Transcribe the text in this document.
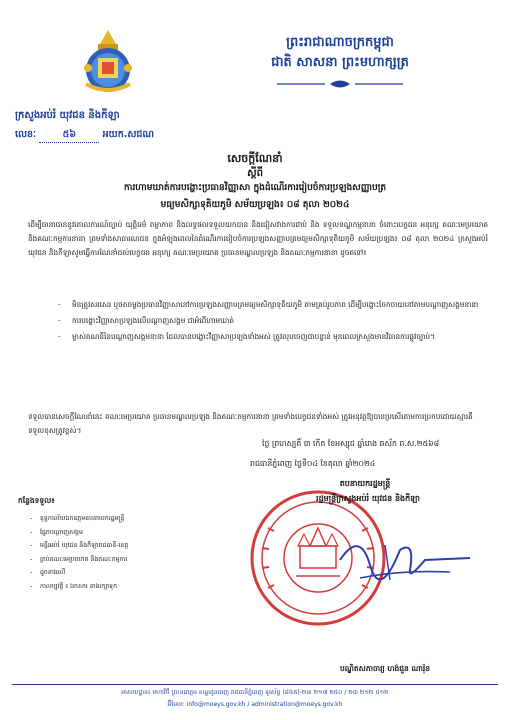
ព្រះរាជាណាចក្រកម្ពុជា
ជាតិ សាសនា ព្រះមហាក្សត្រ
ក្រសួងអប់រំ យុវជន និងកីឡា
លេខៈ	៥៦	អយក.សជណ
សេចក្តីណែនាំ
ស្តីពី
ការហាមឃាត់ការបង្ហោះប្រធានវិញ្ញាសា ក្នុងដំណើរការរៀបចំការប្រឡងសញ្ញាបត្រ
មធ្យមសិក្សាទុតិយភូមិ សម័យប្រឡង៖ ០៨ តុលា ២០២៤
ដើម្បីធានាបាននូវគោលការណ៍ច្បាប់ យុត្តិធម៌ តម្លាភាព និងលទ្ធផលទទួលយកបាន និងជៀសវាងការជាប់ និង ទទួលទណ្ឌកម្មនានា ចំពោះបេក្ខជន អនុក្សេ គណៈមេប្រយោគ និងគណៈកម្មការនានា ព្រមទាំងសាធារណជន ក្នុងអំឡុងពេលនៃដំណើរការរៀបចំការប្រឡងសញ្ញាបត្រមធ្យមសិក្សាទុតិយភូមិ សម័យប្រឡង៖ ០៨ តុលា ២០២៤ ក្រសួងអប់រំ យុវជន និងកីឡាសូមធ្វើការណែនាំដល់បេក្ខជន អនុក្សេ គណៈមេប្រយោគ ប្រធានមណ្ឌលប្រឡង និងគណៈកម្មការនានា ដូចតទៅ៖
- មិនត្រូវសរសេរ ឬថតចម្លងប្រធានវិញ្ញាសានៅការប្រឡងសញ្ញាបត្រមធ្យមសិក្សាទុតិយភូមិ តាមគ្រប់រូបភាព ដើម្បីបង្ហោះចែកចាយនៅតាមបណ្តាញសង្គមនានា
- ការបង្ហោះវិញ្ញាសាប្រឡងលើបណ្តាញសង្គម ជាអំពើហាមឃាត់
- ម្ចាស់គណនីនៃបណ្តាញសង្គមនានា ដែលបានបង្ហោះវិញ្ញាសាប្រឡងទាំងអស់ ត្រូវលុបចេញជាបន្ទាន់ មុនពេលក្រសួងមានវិធានការផ្លូវច្បាប់។
ទទួលបានសេចក្តីណែនាំនេះ គណៈមេប្រយោគ ប្រធានមណ្ឌលប្រឡង និងគណៈកម្មការនានា ព្រមទាំងបេក្ខជនទាំងអស់ ត្រូវអនុវត្តឱ្យបានប្រសើរតាមការប្រកបដោយស្មារតីទទួលខុសត្រូវខ្ពស់។
ថ្ងៃ ព្រហស្បតិ៍ ៣ កើត ខែអស្សុជ ឆ្នាំរោង ឆស័ក ព.ស.២៥៦៨
រាជធានីភ្នំពេញ ថ្ងៃទី០៤ ខែតុលា ឆ្នាំ២០២៤
តបនាយករដ្ឋមន្ត្រី
រដ្ឋមន្ត្រីក្រសួងអប់រំ យុវជន និងកីឡា
បណ្ឌិតសភាចារ្យ ហង់ជួន ណារ៉ុន
កន្លែងទទួល៖
- ខុទ្ទកាល័យឯកឧត្តមឧបនាយករដ្ឋមន្ត្រី
- ផ្នែកបណ្តាញសង្គម
- មន្ទីរអប់រំ យុវជន និងកីឡារាជធានី-ខេត្ត
- គ្រប់គណៈមេប្រយោគ និងគណៈកម្មការ
- ដូចខាងលើ
- កាលប្បវត្តិ ៖ ឯកសារ ខាងរក្សាទុក
អាសយដ្ឋាន៖ មហាវិថី ព្រះនរោត្តម ខណ្ឌដូនពេញ រាជធានីភ្នំពេញ ទូរស័ព្ទ (៨៥៥)-២៣ ២១៧ ២៥០ / ២៣ ២១២ ៥១២
អ៊ីមែល: info@moeys.gov.kh / administration@moeys.gov.kh
